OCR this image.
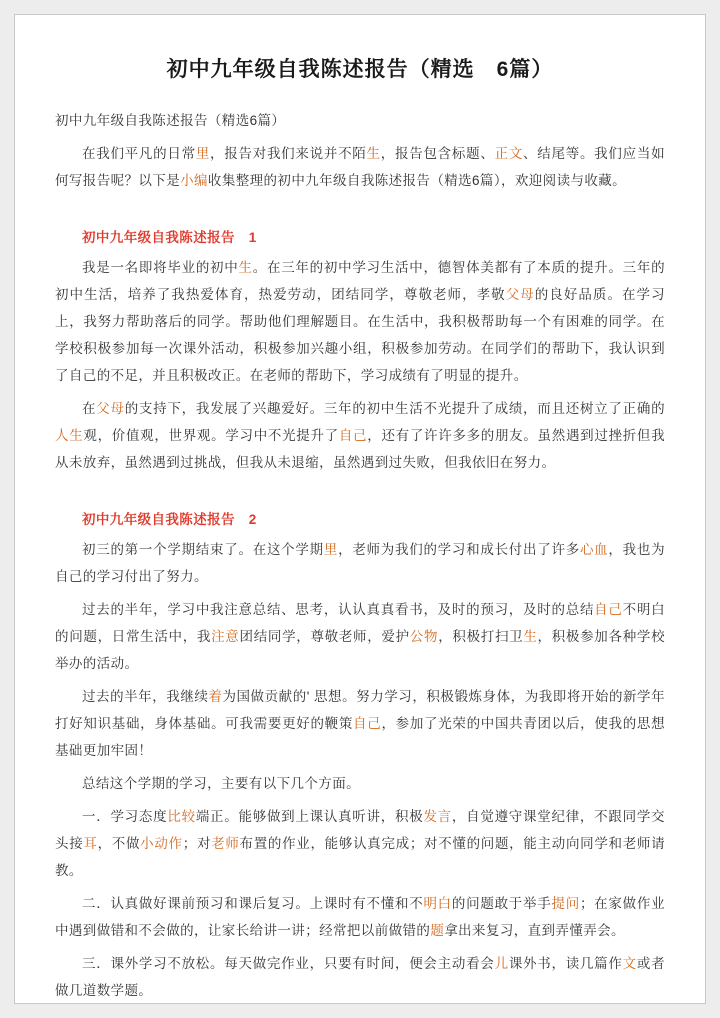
初中九年级自我陈述报告（精选　6篇）
初中九年级自我陈述报告（精选6篇）
在我们平凡的日常里，报告对我们来说并不陌生，报告包含标题、正文、结尾等。我们应当如何写报告呢？以下是小编收集整理的初中九年级自我陈述报告（精选6篇），欢迎阅读与收藏。
初中九年级自我陈述报告　1
我是一名即将毕业的初中生。在三年的初中学习生活中，德智体美都有了本质的提升。三年的初中生活，培养了我热爱体育，热爱劳动，团结同学，尊敬老师，孝敬父母的良好品质。在学习上，我努力帮助落后的同学。帮助他们理解题目。在生活中，我积极帮助每一个有困难的同学。在学校积极参加每一次课外活动，积极参加兴趣小组，积极参加劳动。在同学们的帮助下，我认识到了自己的不足，并且积极改正。在老师的帮助下，学习成绩有了明显的提升。
在父母的支持下，我发展了兴趣爱好。三年的初中生活不光提升了成绩，而且还树立了正确的人生观，价值观，世界观。学习中不光提升了自己，还有了许许多多的朋友。虽然遇到过挫折但我从未放弃，虽然遇到过挑战，但我从未退缩，虽然遇到过失败，但我依旧在努力。
初中九年级自我陈述报告　2
初三的第一个学期结束了。在这个学期里，老师为我们的学习和成长付出了许多心血，我也为自己的学习付出了努力。
过去的半年，学习中我注意总结、思考，认认真真看书，及时的预习，及时的总结自己不明白的问题，日常生活中，我注意团结同学，尊敬老师，爱护公物，积极打扫卫生，积极参加各种学校举办的活动。
过去的半年，我继续着为国做贡献的' 思想。努力学习，积极锻炼身体，为我即将开始的新学年打好知识基础，身体基础。可我需要更好的鞭策自己，参加了光荣的中国共青团以后，使我的思想基础更加牢固！
总结这个学期的学习，主要有以下几个方面。
一．学习态度比较端正。能够做到上课认真听讲，积极发言，自觉遵守课堂纪律，不跟同学交头接耳，不做小动作；对老师布置的作业，能够认真完成；对不懂的问题，能主动向同学和老师请教。
二．认真做好课前预习和课后复习。上课时有不懂和不明白的问题敢于举手提问；在家做作业中遇到做错和不会做的，让家长给讲一讲；经常把以前做错的题拿出来复习，直到弄懂弄会。
三．课外学习不放松。每天做完作业，只要有时间，便会主动看会儿课外书，读几篇作文或者做几道数学题。
